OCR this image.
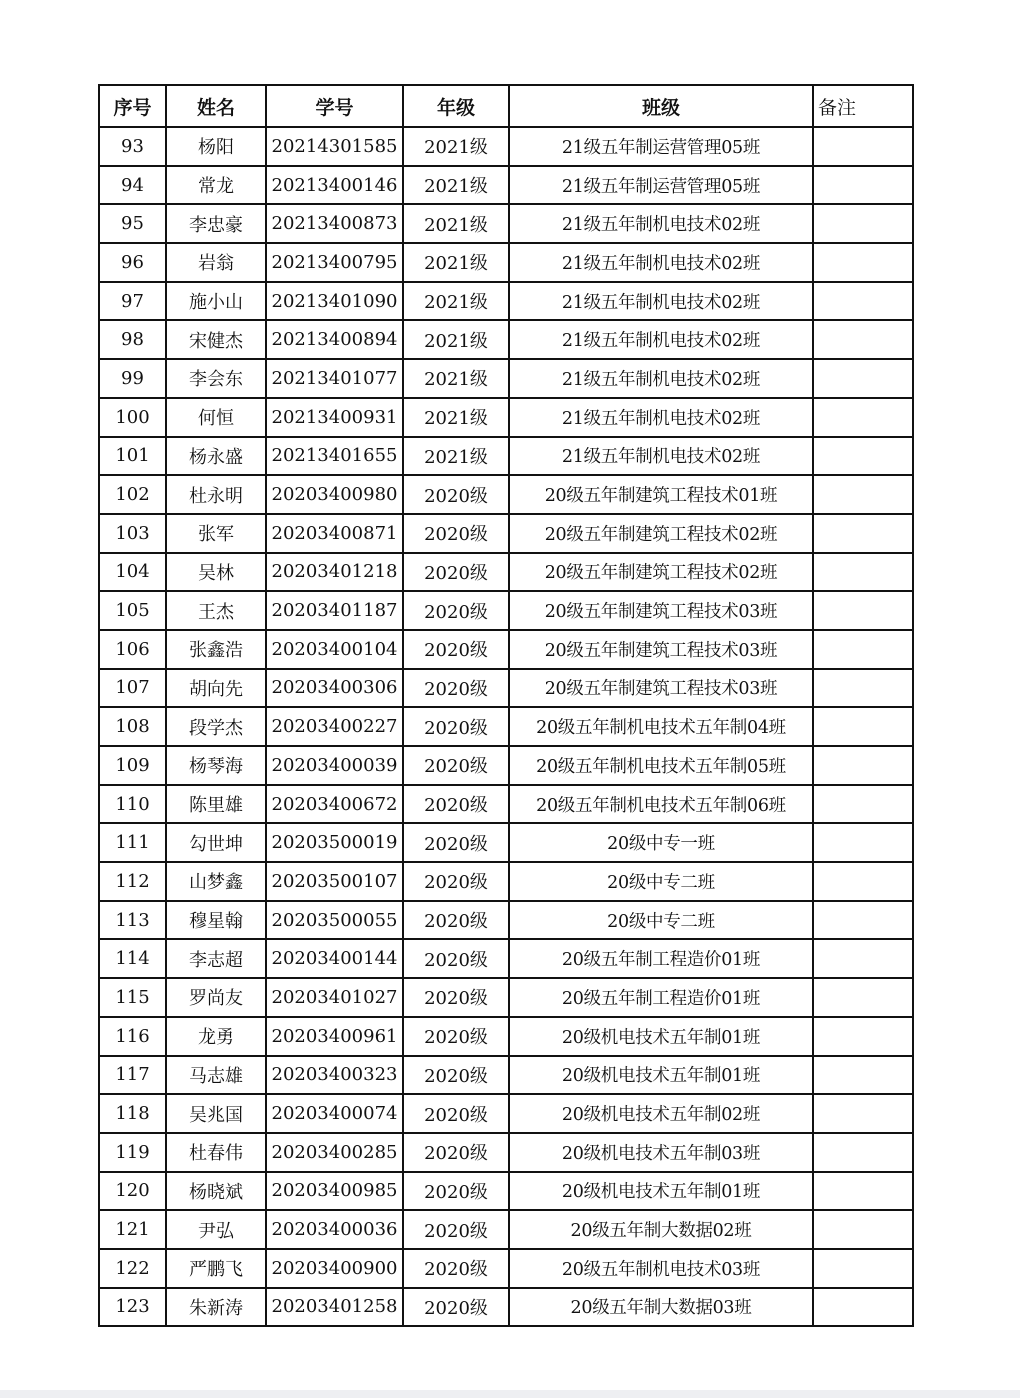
序号	姓名	学号	年级	班级	备注
93	杨阳	20214301585	2021级	21级五年制运营管理05班	
94	常龙	20213400146	2021级	21级五年制运营管理05班	
95	李忠豪	20213400873	2021级	21级五年制机电技术02班	
96	岩翁	20213400795	2021级	21级五年制机电技术02班	
97	施小山	20213401090	2021级	21级五年制机电技术02班	
98	宋健杰	20213400894	2021级	21级五年制机电技术02班	
99	李会东	20213401077	2021级	21级五年制机电技术02班	
100	何恒	20213400931	2021级	21级五年制机电技术02班	
101	杨永盛	20213401655	2021级	21级五年制机电技术02班	
102	杜永明	20203400980	2020级	20级五年制建筑工程技术01班	
103	张军	20203400871	2020级	20级五年制建筑工程技术02班	
104	吴林	20203401218	2020级	20级五年制建筑工程技术02班	
105	王杰	20203401187	2020级	20级五年制建筑工程技术03班	
106	张鑫浩	20203400104	2020级	20级五年制建筑工程技术03班	
107	胡向先	20203400306	2020级	20级五年制建筑工程技术03班	
108	段学杰	20203400227	2020级	20级五年制机电技术五年制04班	
109	杨琴海	20203400039	2020级	20级五年制机电技术五年制05班	
110	陈里雄	20203400672	2020级	20级五年制机电技术五年制06班	
111	勾世坤	20203500019	2020级	20级中专一班	
112	山梦鑫	20203500107	2020级	20级中专二班	
113	穆星翰	20203500055	2020级	20级中专二班	
114	李志超	20203400144	2020级	20级五年制工程造价01班	
115	罗尚友	20203401027	2020级	20级五年制工程造价01班	
116	龙勇	20203400961	2020级	20级机电技术五年制01班	
117	马志雄	20203400323	2020级	20级机电技术五年制01班	
118	吴兆国	20203400074	2020级	20级机电技术五年制02班	
119	杜春伟	20203400285	2020级	20级机电技术五年制03班	
120	杨晓斌	20203400985	2020级	20级机电技术五年制01班	
121	尹弘	20203400036	2020级	20级五年制大数据02班	
122	严鹏飞	20203400900	2020级	20级五年制机电技术03班	
123	朱新涛	20203401258	2020级	20级五年制大数据03班	
